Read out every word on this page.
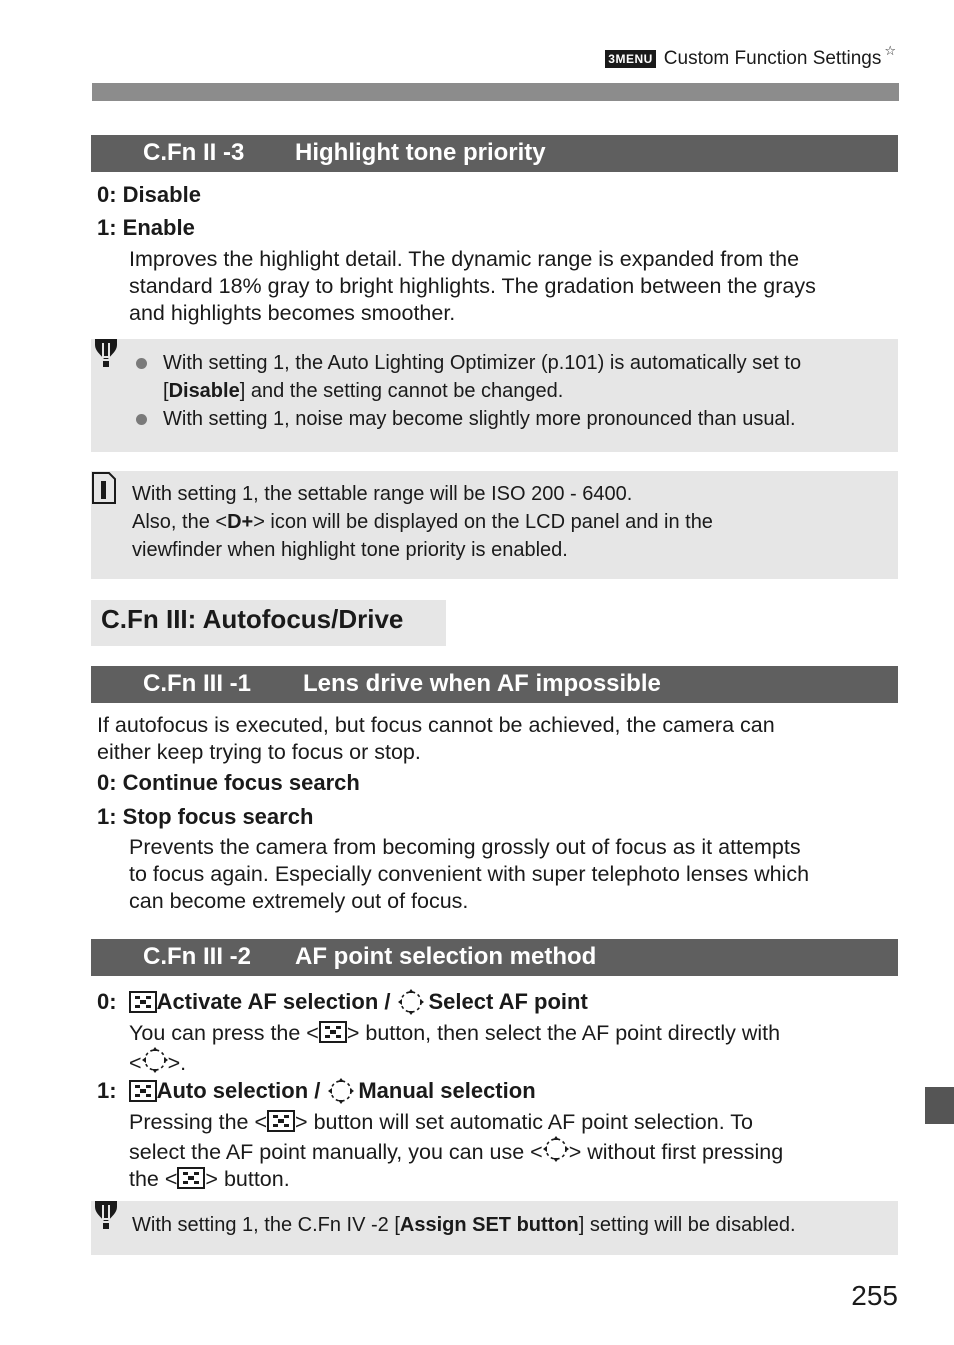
3MENU Custom Function Settings ☆
C.Fn II -3 Highlight tone priority
0: Disable
1: Enable
Improves the highlight detail. The dynamic range is expanded from the
standard 18% gray to bright highlights. The gradation between the grays
and highlights becomes smoother.
With setting 1, the Auto Lighting Optimizer (p.101) is automatically set to
[Disable] and the setting cannot be changed.
With setting 1, noise may become slightly more pronounced than usual.
With setting 1, the settable range will be ISO 200 - 6400.
Also, the <D+> icon will be displayed on the LCD panel and in the
viewfinder when highlight tone priority is enabled.
C.Fn III: Autofocus/Drive
C.Fn III -1 Lens drive when AF impossible
If autofocus is executed, but focus cannot be achieved, the camera can
either keep trying to focus or stop.
0: Continue focus search
1: Stop focus search
Prevents the camera from becoming grossly out of focus as it attempts
to focus again. Especially convenient with super telephoto lenses which
can become extremely out of focus.
C.Fn III -2 AF point selection method
0: Activate AF selection / Select AF point
You can press the < > button, then select the AF point directly with
< >.
1: Auto selection / Manual selection
Pressing the < > button will set automatic AF point selection. To
select the AF point manually, you can use < > without first pressing
the < > button.
With setting 1, the C.Fn IV -2 [Assign SET button] setting will be disabled.
255
